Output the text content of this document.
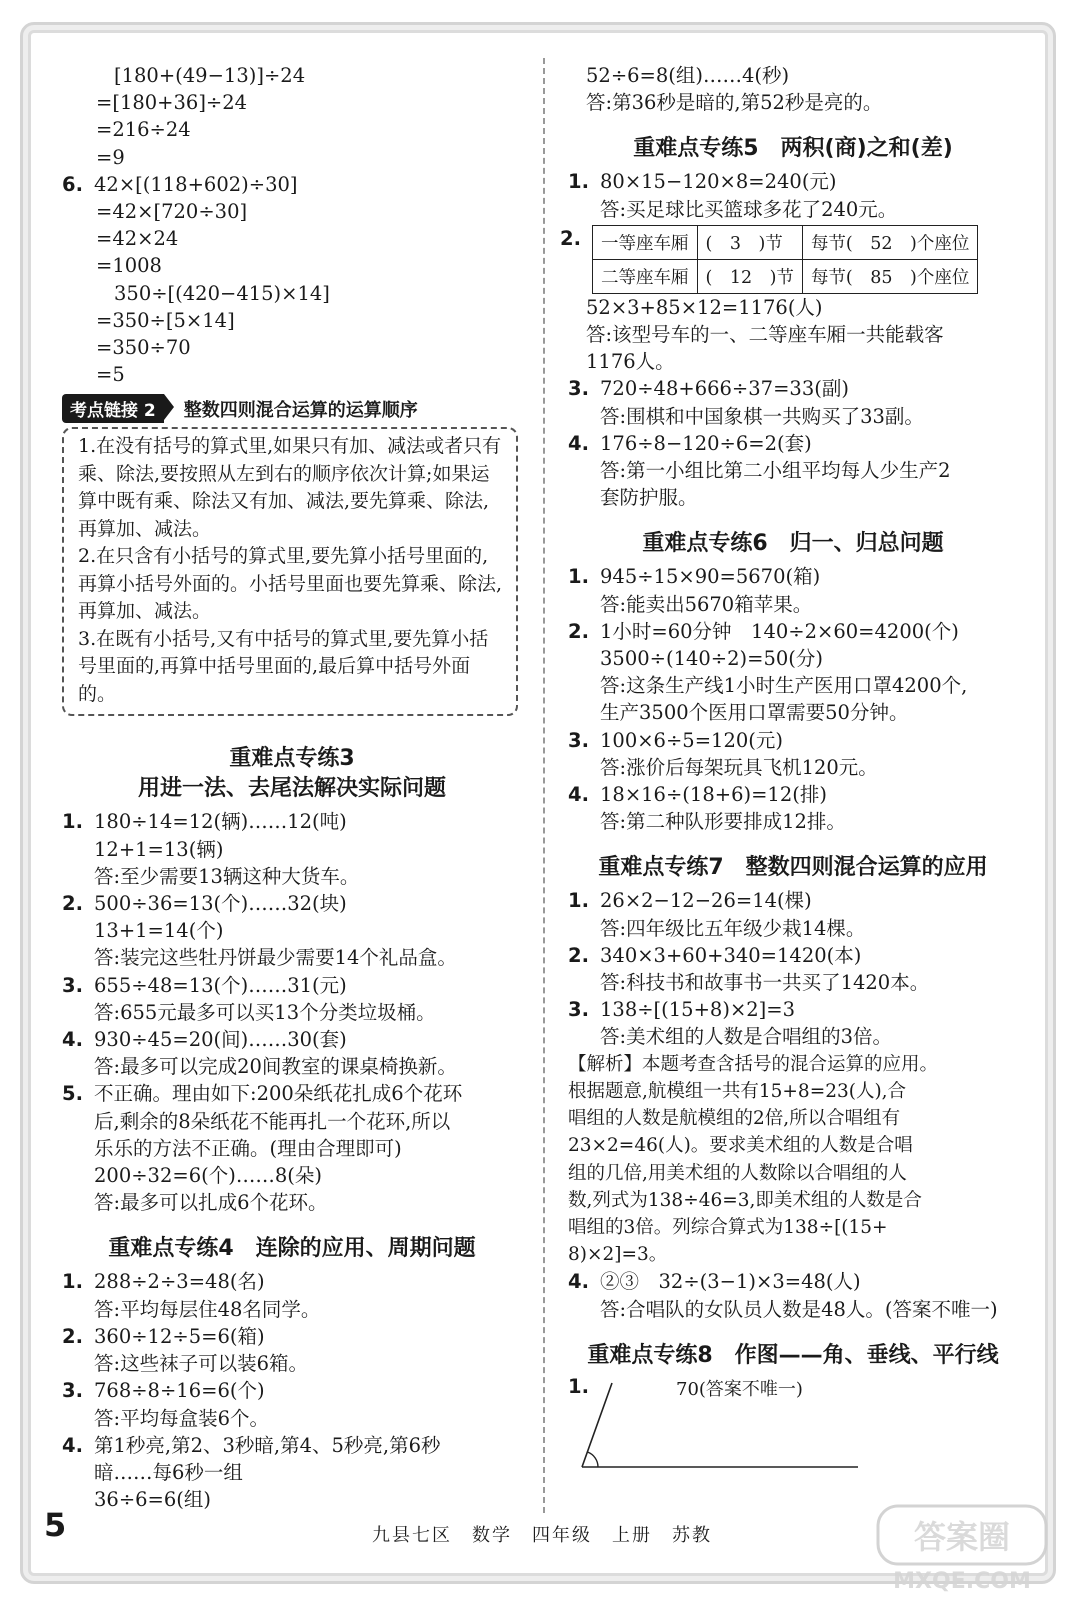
[180+(49−13)]÷24
=[180+36]÷24
=216÷24
=9
6. 42×[(118+602)÷30]
=42×[720÷30]
=42×24
=1008
350÷[(420−415)×14]
=350÷[5×14]
=350÷70
=5
考点链接 2	整数四则混合运算的运算顺序
1.在没有括号的算式里,如果只有加、减法或者只有乘、除法,要按照从左到右的顺序依次计算;如果运算中既有乘、除法又有加、减法,要先算乘、除法,再算加、减法。
2.在只含有小括号的算式里,要先算小括号里面的,再算小括号外面的。小括号里面也要先算乘、除法,再算加、减法。
3.在既有小括号,又有中括号的算式里,要先算小括号里面的,再算中括号里面的,最后算中括号外面的。
重难点专练3
用进一法、去尾法解决实际问题
1. 180÷14=12(辆)……12(吨)
12+1=13(辆)
答:至少需要13辆这种大货车。
2. 500÷36=13(个)……32(块)
13+1=14(个)
答:装完这些牡丹饼最少需要14个礼品盒。
3. 655÷48=13(个)……31(元)
答:655元最多可以买13个分类垃圾桶。
4. 930÷45=20(间)……30(套)
答:最多可以完成20间教室的课桌椅换新。
5. 不正确。理由如下:200朵纸花扎成6个花环
后,剩余的8朵纸花不能再扎一个花环,所以
乐乐的方法不正确。(理由合理即可)
200÷32=6(个)……8(朵)
答:最多可以扎成6个花环。
重难点专练4　连除的应用、周期问题
1. 288÷2÷3=48(名)
答:平均每层住48名同学。
2. 360÷12÷5=6(箱)
答:这些袜子可以装6箱。
3. 768÷8÷16=6(个)
答:平均每盒装6个。
4. 第1秒亮,第2、3秒暗,第4、5秒亮,第6秒
暗……每6秒一组
36÷6=6(组)
52÷6=8(组)……4(秒)
答:第36秒是暗的,第52秒是亮的。
重难点专练5　两积(商)之和(差)
1. 80×15−120×8=240(元)
答:买足球比买篮球多花了240元。
2. 一等座车厢	(　3　)节	每节(　52　)个座位
二等座车厢	(　12　)节	每节(　85　)个座位
52×3+85×12=1176(人)
答:该型号车的一、二等座车厢一共能载客
1176人。
3. 720÷48+666÷37=33(副)
答:围棋和中国象棋一共购买了33副。
4. 176÷8−120÷6=2(套)
答:第一小组比第二小组平均每人少生产2
套防护服。
重难点专练6　归一、归总问题
1. 945÷15×90=5670(箱)
答:能卖出5670箱苹果。
2. 1小时=60分钟　140÷2×60=4200(个)
3500÷(140÷2)=50(分)
答:这条生产线1小时生产医用口罩4200个,
生产3500个医用口罩需要50分钟。
3. 100×6÷5=120(元)
答:涨价后每架玩具飞机120元。
4. 18×16÷(18+6)=12(排)
答:第二种队形要排成12排。
重难点专练7　整数四则混合运算的应用
1. 26×2−12−26=14(棵)
答:四年级比五年级少栽14棵。
2. 340×3+60+340=1420(本)
答:科技书和故事书一共买了1420本。
3. 138÷[(15+8)×2]=3
答:美术组的人数是合唱组的3倍。
【解析】本题考查含括号的混合运算的应用。
根据题意,航模组一共有15+8=23(人),合
唱组的人数是航模组的2倍,所以合唱组有
23×2=46(人)。要求美术组的人数是合唱
组的几倍,用美术组的人数除以合唱组的人
数,列式为138÷46=3,即美术组的人数是合
唱组的3倍。列综合算式为138÷[(15+
8)×2]=3。
4. ②③　32÷(3−1)×3=48(人)
答:合唱队的女队员人数是48人。(答案不唯一)
重难点专练8　作图——角、垂线、平行线
1.	70(答案不唯一)
5	九县七区　数学　四年级　上册　苏教	答案圈
MXQE.COM
